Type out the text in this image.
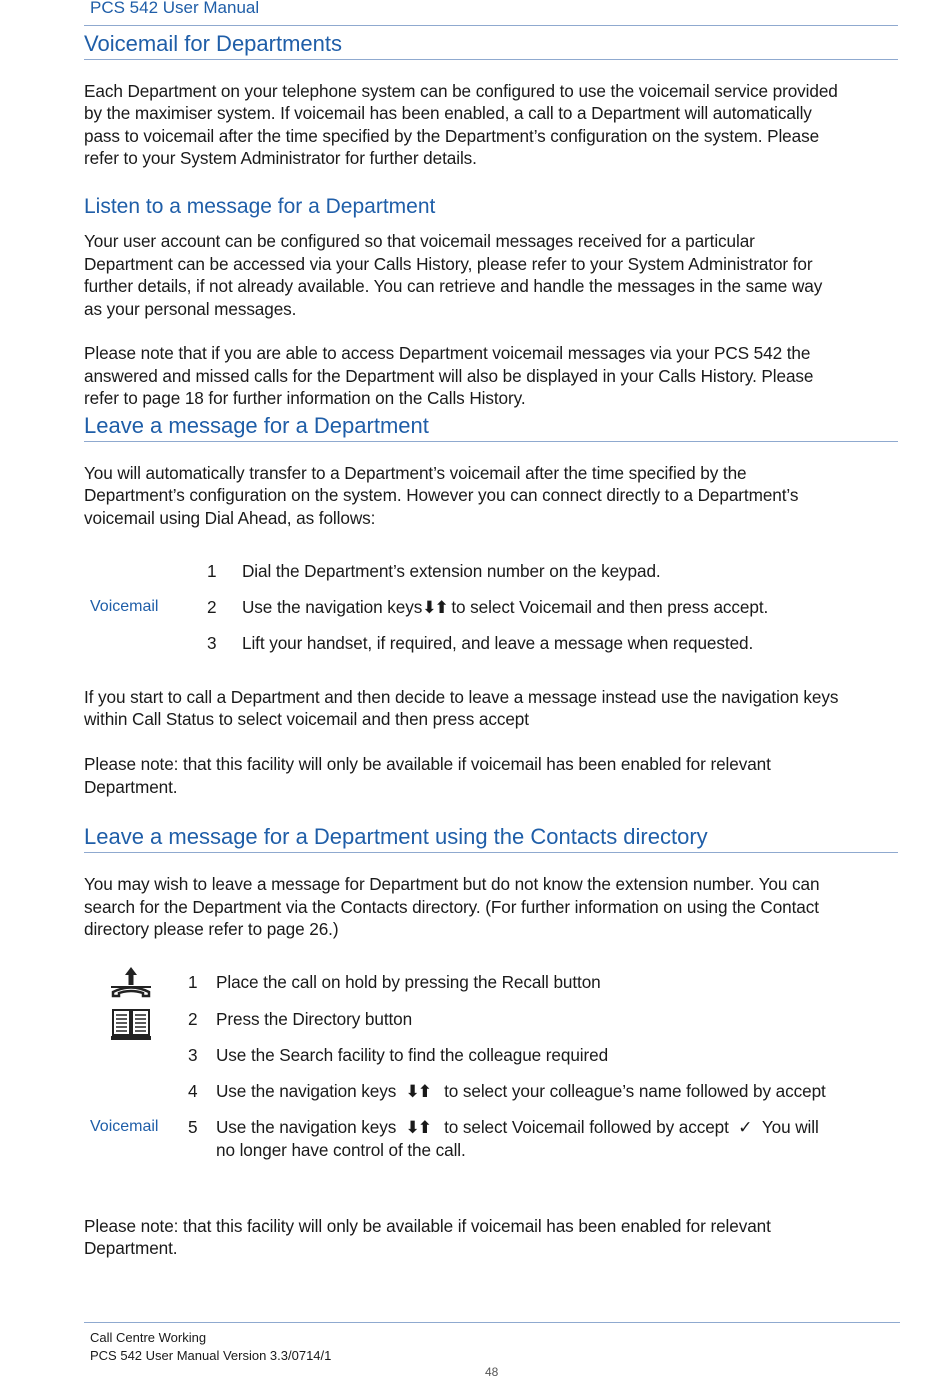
PCS 542 User Manual
Voicemail for Departments
Each Department on your telephone system can be configured to use the voicemail service provided
by the maximiser system. If voicemail has been enabled, a call to a Department will automatically
pass to voicemail after the time specified by the Department’s configuration on the system. Please
refer to your System Administrator for further details.
Listen to a message for a Department
Your user account can be configured so that voicemail messages received for a particular
Department can be accessed via your Calls History, please refer to your System Administrator for
further details, if not already available. You can retrieve and handle the messages in the same way
as your personal messages.
Please note that if you are able to access Department voicemail messages via your PCS 542 the
answered and missed calls for the Department will also be displayed in your Calls History. Please
refer to page 18 for further information on the Calls History.
Leave a message for a Department
You will automatically transfer to a Department’s voicemail after the time specified by the
Department’s configuration on the system. However you can connect directly to a Department’s
voicemail using Dial Ahead, as follows:
1 Dial the Department’s extension number on the keypad.
Voicemail	2 Use the navigation keys⬇⬆ to select Voicemail and then press accept.
3 Lift your handset, if required, and leave a message when requested.
If you start to call a Department and then decide to leave a message instead use the navigation keys
within Call Status to select voicemail and then press accept
Please note: that this facility will only be available if voicemail has been enabled for relevant
Department.
Leave a message for a Department using the Contacts directory
You may wish to leave a message for Department but do not know the extension number. You can
search for the Department via the Contacts directory. (For further information on using the Contact
directory please refer to page 26.)
1 Place the call on hold by pressing the Recall button
2 Press the Directory button
3 Use the Search facility to find the colleague required
4 Use the navigation keys ⬇⬆ to select your colleague’s name followed by accept
Voicemail 5 Use the navigation keys ⬇⬆ to select Voicemail followed by accept ✓ You will
no longer have control of the call.
Please note: that this facility will only be available if voicemail has been enabled for relevant
Department.
Call Centre Working
PCS 542 User Manual Version 3.3/0714/1
48
